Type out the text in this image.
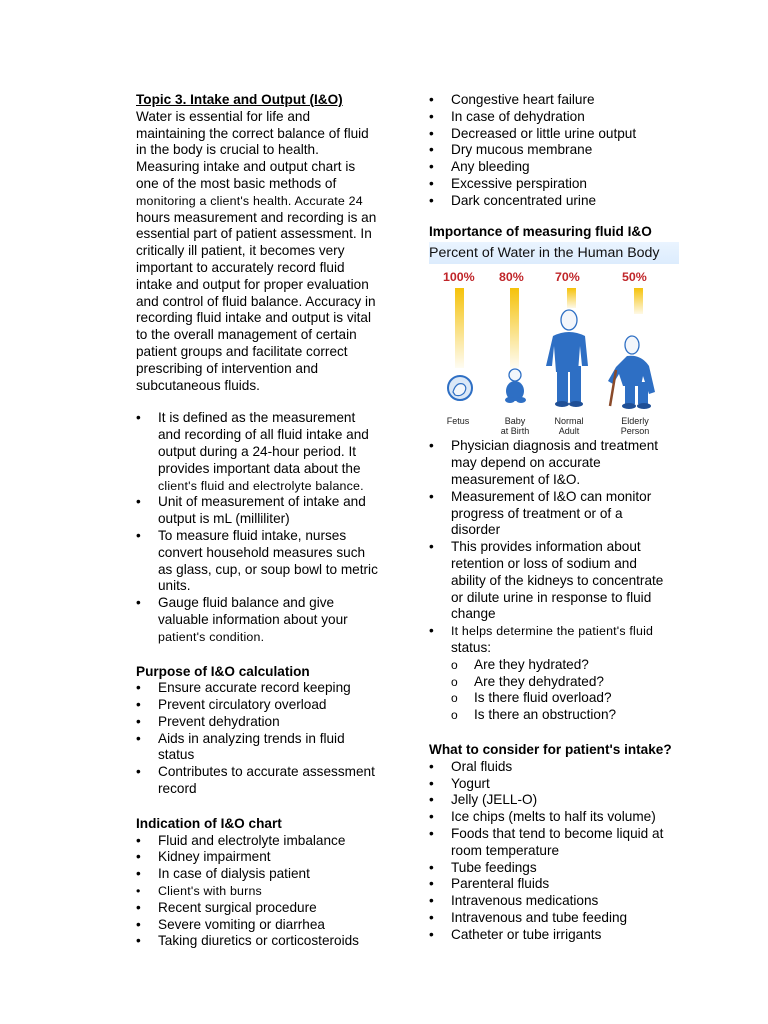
Topic 3. Intake and Output (I&O)

Water is essential for life and
maintaining the correct balance of fluid
in the body is crucial to health.
Measuring intake and output chart is
one of the most basic methods of
monitoring a client's health. Accurate 24
hours measurement and recording is an
essential part of patient assessment. In
critically ill patient, it becomes very
important to accurately record fluid
intake and output for proper evaluation
and control of fluid balance. Accuracy in
recording fluid intake and output is vital
to the overall management of certain
patient groups and facilitate correct
prescribing of intervention and
subcutaneous fluids.
• It is defined as the measurement
and recording of all fluid intake and
output during a 24-hour period. It
provides important data about the
client's fluid and electrolyte balance.
• Unit of measurement of intake and
output is mL (milliliter)
• To measure fluid intake, nurses
convert household measures such
as glass, cup, or soup bowl to metric
units.
• Gauge fluid balance and give
valuable information about your
patient's condition.

Purpose of I&O calculation

• Ensure accurate record keeping
• Prevent circulatory overload
• Prevent dehydration
• Aids in analyzing trends in fluid
status
• Contributes to accurate assessment
record

Indication of I&O chart

• Fluid and electrolyte imbalance
• Kidney impairment
• In case of dialysis patient
• Client's with burns
• Recent surgical procedure
• Severe vomiting or diarrhea
• Taking diuretics or corticosteroids
• Congestive heart failure
• In case of dehydration
• Decreased or little urine output
• Dry mucous membrane
• Any bleeding
• Excessive perspiration
• Dark concentrated urine

Importance of measuring fluid I&O

Percent of Water in the Human Body
100% 80%	70%	50%
Fetus	Baby
at Birth
Normal
Adult
Elderly
Person
• Physician diagnosis and treatment
may depend on accurate
measurement of I&O.
• Measurement of I&O can monitor
progress of treatment or of a
disorder
• This provides information about
retention or loss of sodium and
ability of the kidneys to concentrate
or dilute urine in response to fluid
change
• It helps determine the patient's fluid
status:
o Are they hydrated?
o Are they dehydrated?
o Is there fluid overload?
o Is there an obstruction?

What to consider for patient's intake?

• Oral fluids
• Yogurt
• Jelly (JELL-O)
• Ice chips (melts to half its volume)
• Foods that tend to become liquid at
room temperature
• Tube feedings
• Parenteral fluids
• Intravenous medications
• Intravenous and tube feeding
• Catheter or tube irrigants
